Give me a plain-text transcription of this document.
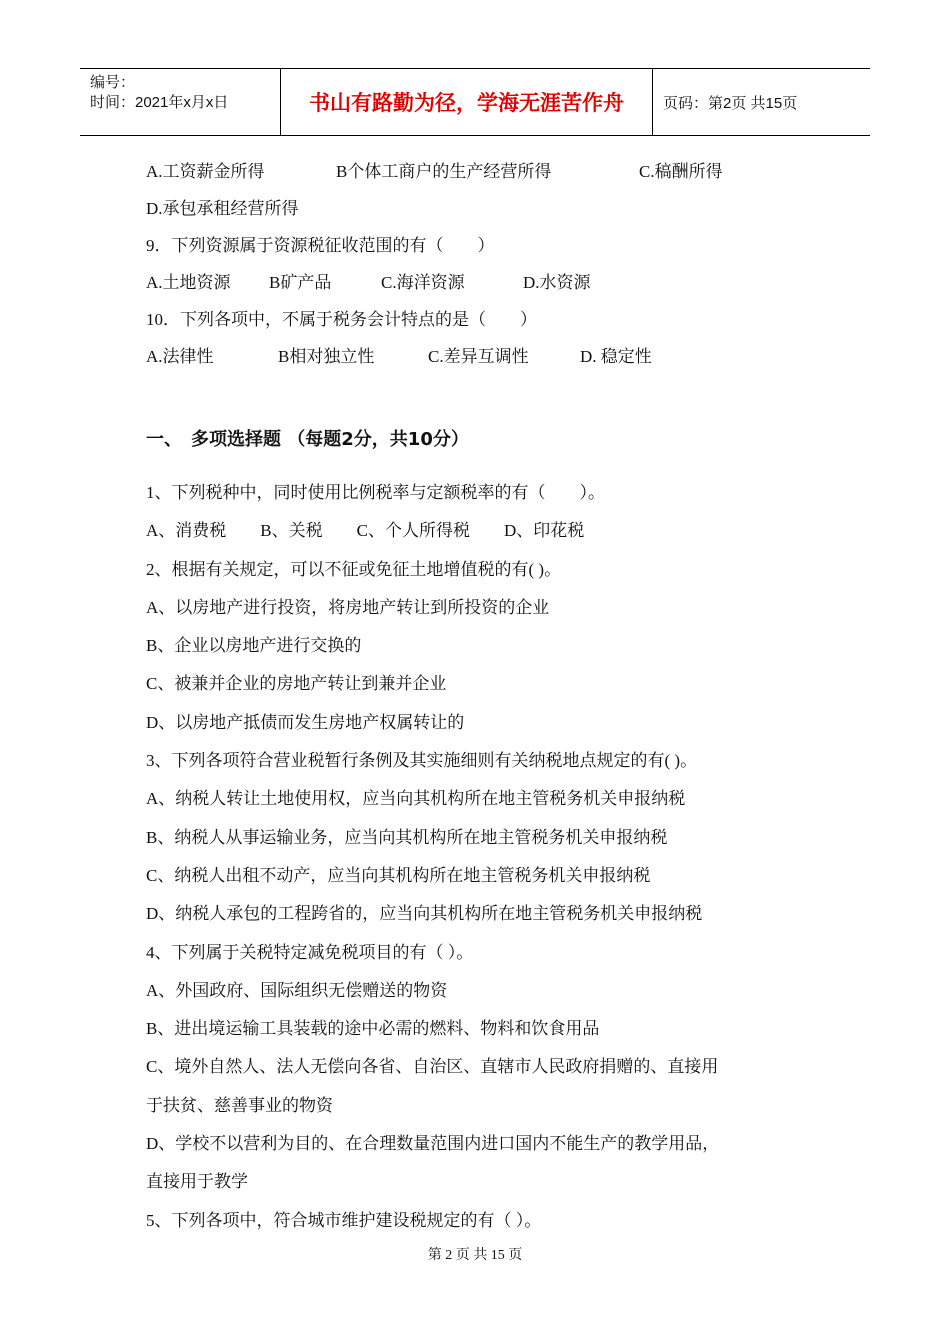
编号：
时间：2021年x月x日	书山有路勤为径，学海无涯苦作舟	页码：第2页 共15页
A.工资薪金所得	B个体工商户的生产经营所得	C.稿酬所得
D.承包承租经营所得
9．下列资源属于资源税征收范围的有（　　）
A.土地资源 B矿产品	C.海洋资源	D.水资源
10．下列各项中，不属于税务会计特点的是（　　）
A.法律性	B相对独立性	C.差异互调性	D. 稳定性
一、　多项选择题 （每题2分，共10分）
1、下列税种中，同时使用比例税率与定额税率的有（　　）。
A、消费税　　B、关税　　C、个人所得税　　D、印花税
2、根据有关规定，可以不征或免征土地增值税的有( )。
A、以房地产进行投资，将房地产转让到所投资的企业
B、企业以房地产进行交换的
C、被兼并企业的房地产转让到兼并企业
D、以房地产抵债而发生房地产权属转让的
3、下列各项符合营业税暂行条例及其实施细则有关纳税地点规定的有( )。
A、纳税人转让土地使用权，应当向其机构所在地主管税务机关申报纳税
B、纳税人从事运输业务，应当向其机构所在地主管税务机关申报纳税
C、纳税人出租不动产，应当向其机构所在地主管税务机关申报纳税
D、纳税人承包的工程跨省的，应当向其机构所在地主管税务机关申报纳税
4、下列属于关税特定减免税项目的有（ ）。
A、外国政府、国际组织无偿赠送的物资
B、进出境运输工具装载的途中必需的燃料、物料和饮食用品
C、境外自然人、法人无偿向各省、自治区、直辖市人民政府捐赠的、直接用
于扶贫、慈善事业的物资
D、学校不以营利为目的、在合理数量范围内进口国内不能生产的教学用品，
直接用于教学
5、下列各项中，符合城市维护建设税规定的有（ ）。
第 2 页 共 15 页
